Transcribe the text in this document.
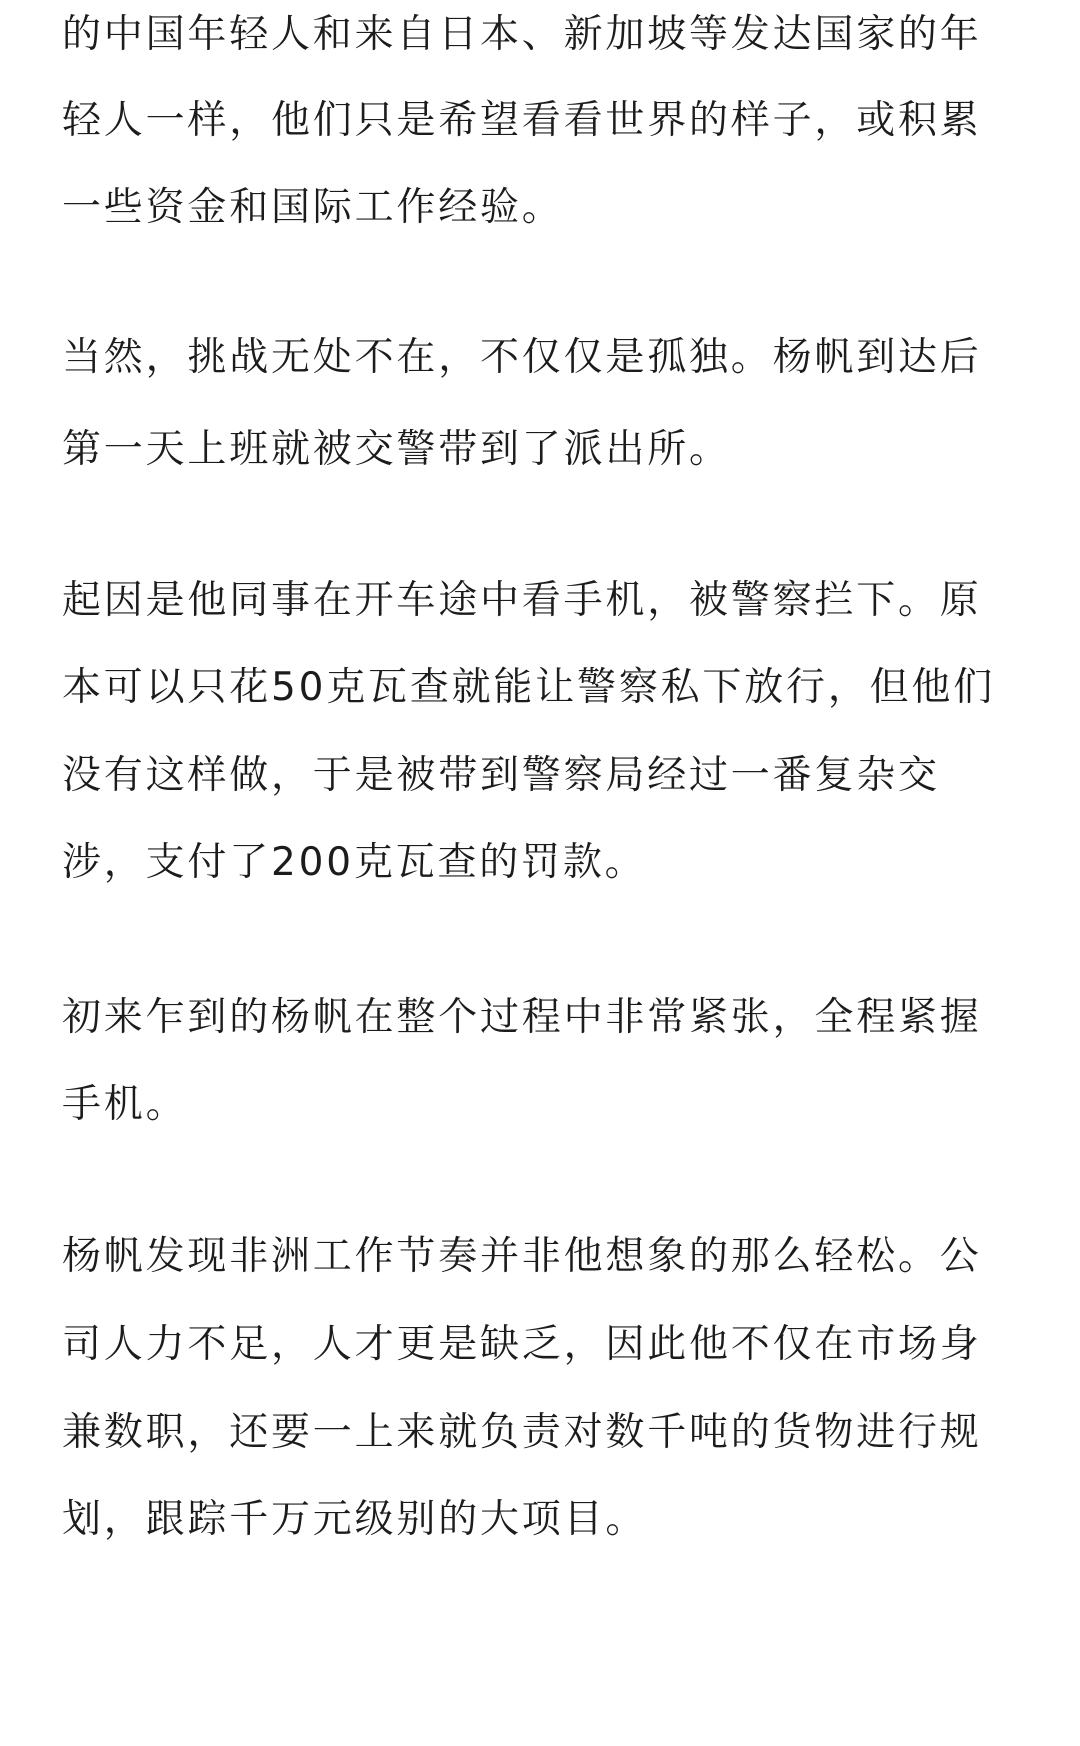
的中国年轻人和来自日本、新加坡等发达国家的年
轻人一样，他们只是希望看看世界的样子，或积累
一些资金和国际工作经验。
当然，挑战无处不在，不仅仅是孤独。杨帆到达后
第一天上班就被交警带到了派出所。
起因是他同事在开车途中看手机，被警察拦下。原
本可以只花50克瓦查就能让警察私下放行，但他们
没有这样做，于是被带到警察局经过一番复杂交
涉，支付了200克瓦查的罚款。
初来乍到的杨帆在整个过程中非常紧张，全程紧握
手机。
杨帆发现非洲工作节奏并非他想象的那么轻松。公
司人力不足，人才更是缺乏，因此他不仅在市场身
兼数职，还要一上来就负责对数千吨的货物进行规
划，跟踪千万元级别的大项目。
